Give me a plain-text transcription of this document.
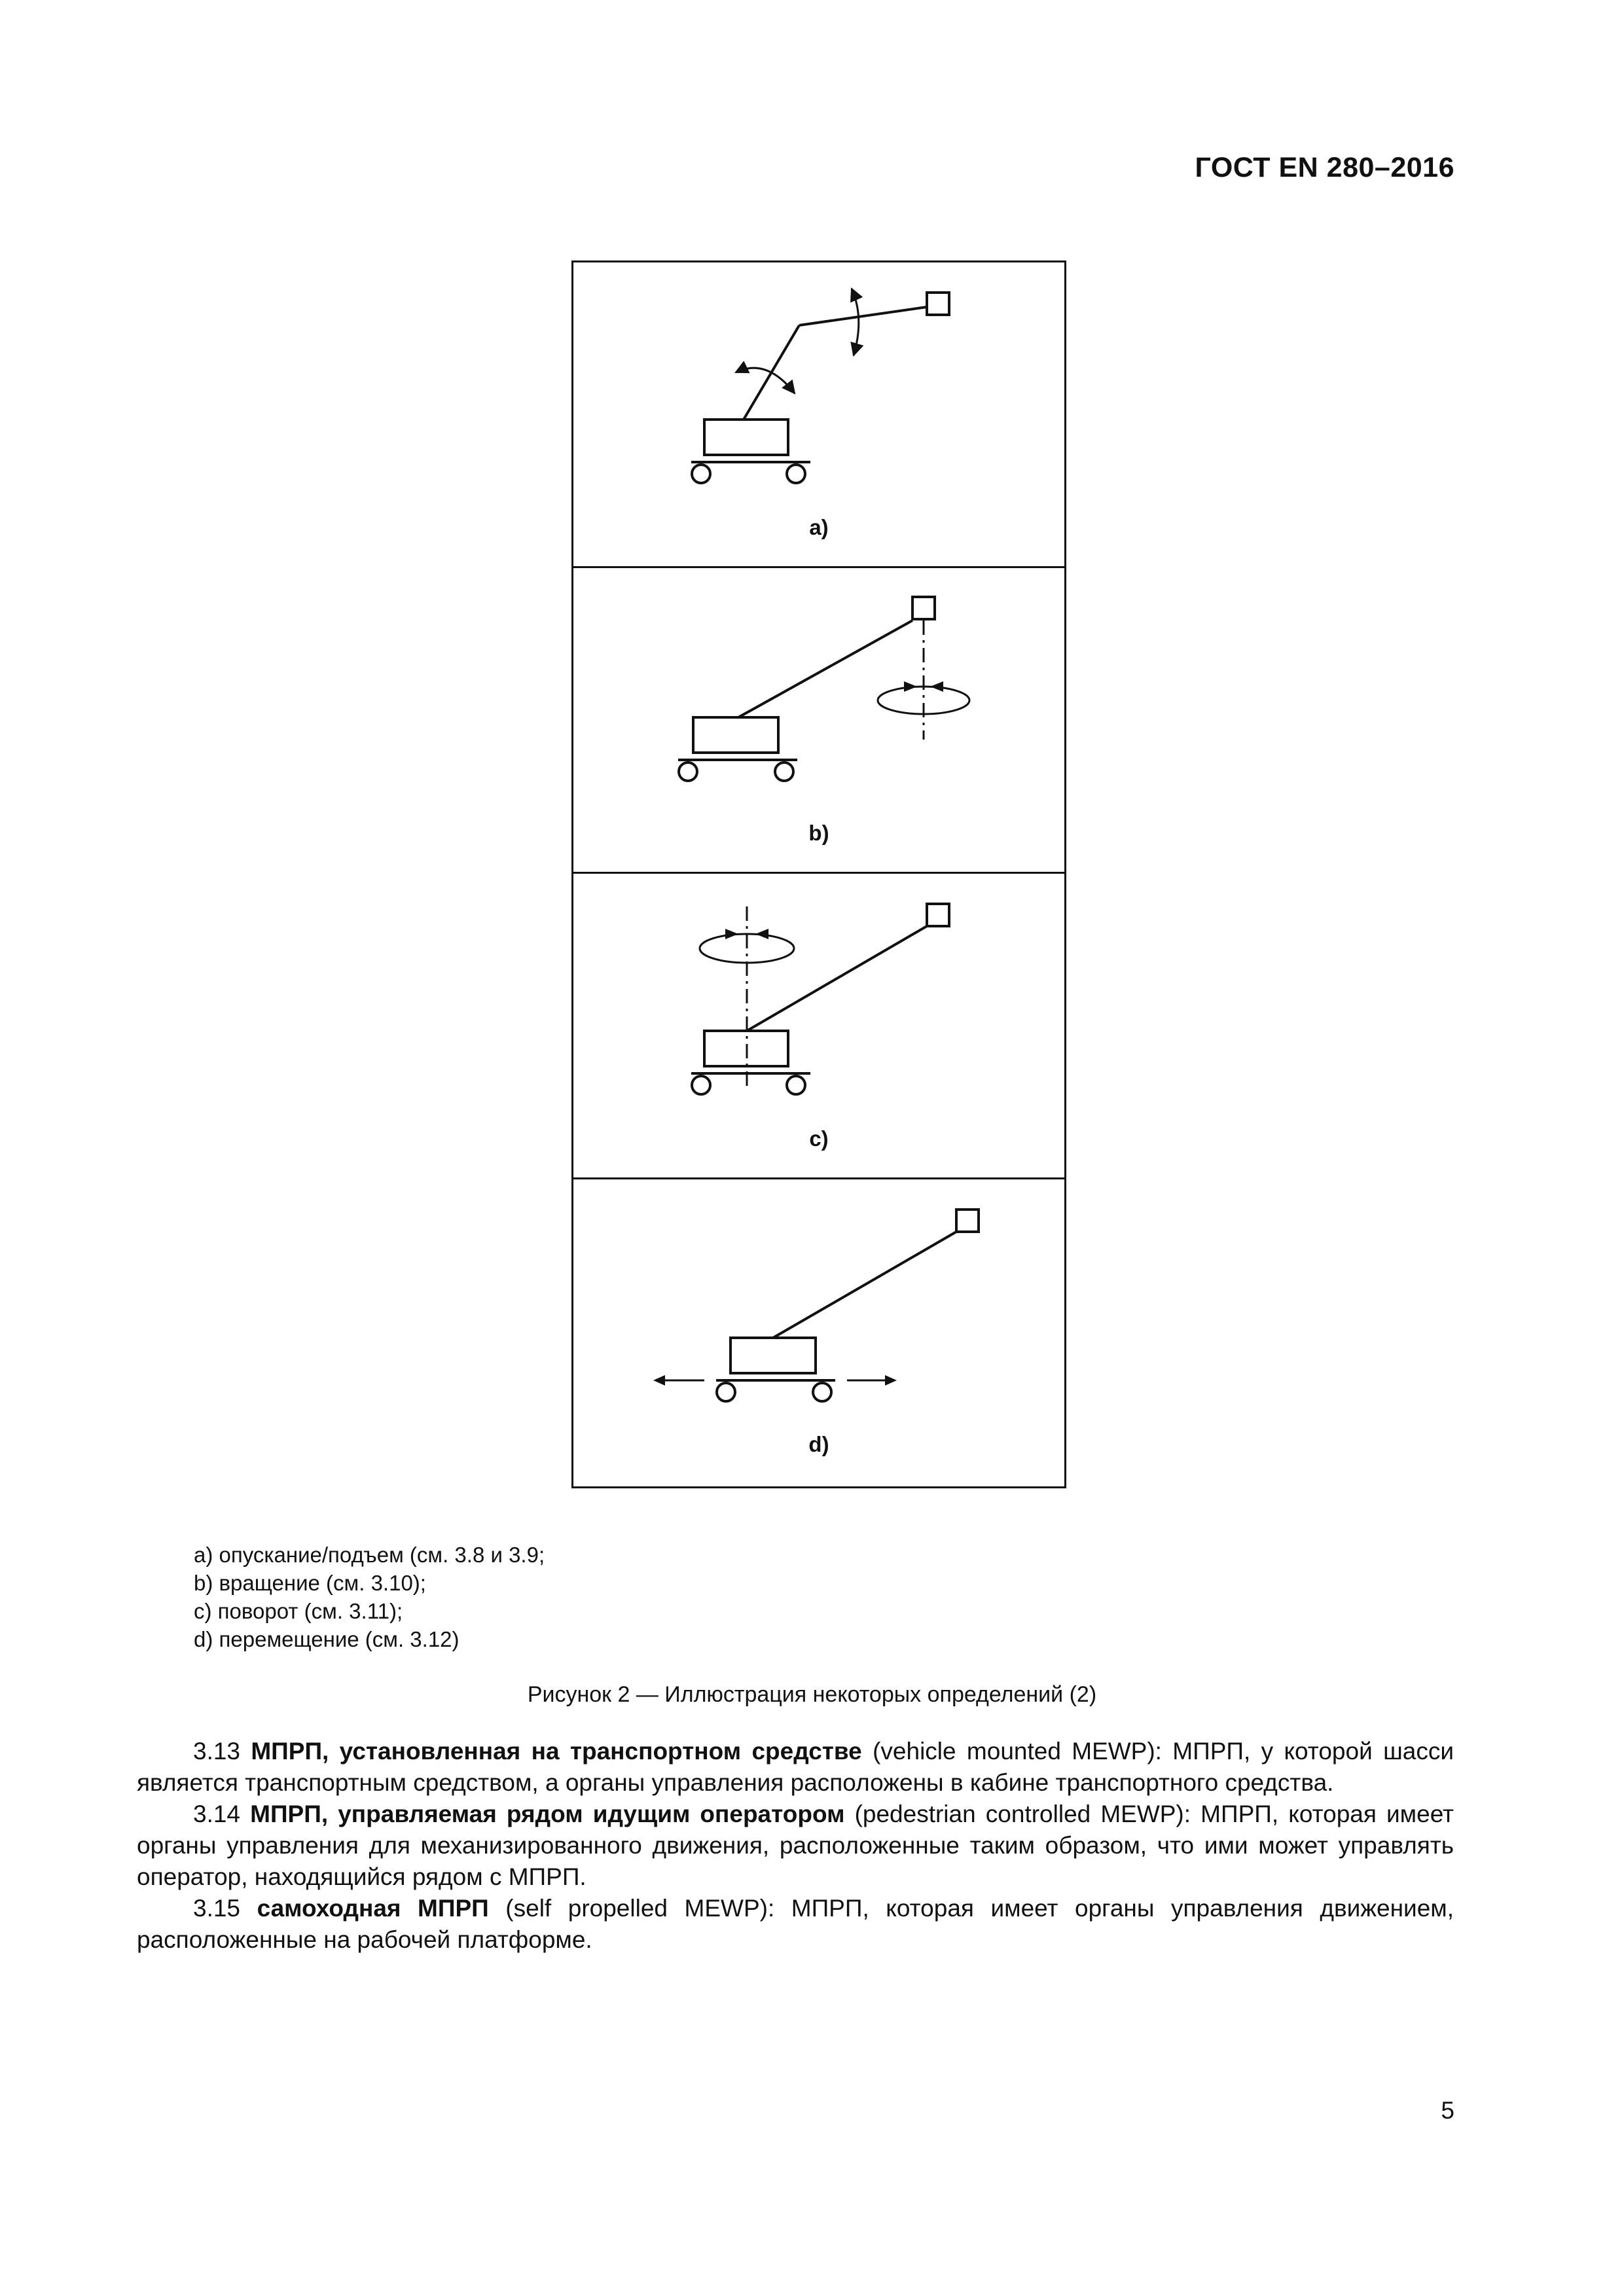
ГОСТ EN 280–2016
a)
b)
c)
d)
a) опускание/подъем (см. 3.8 и 3.9;
b) вращение (см. 3.10);
c) поворот (см. 3.11);
d) перемещение (см. 3.12)
Рисунок 2 — Иллюстрация некоторых определений (2)

3.13 МПРП, установленная на транспортном средстве (vehicle mounted MEWP): МПРП, у которой шасси является транспортным средством, а органы управления расположены в кабине транспортного средства.

3.14 МПРП, управляемая рядом идущим оператором (pedestrian controlled MEWP): МПРП, которая имеет органы управления для механизированного движения, расположенные таким образом, что ими может управлять оператор, находящийся рядом с МПРП.

3.15 самоходная МПРП (self propelled MEWP): МПРП, которая имеет органы управления движением, расположенные на рабочей платформе.

5
